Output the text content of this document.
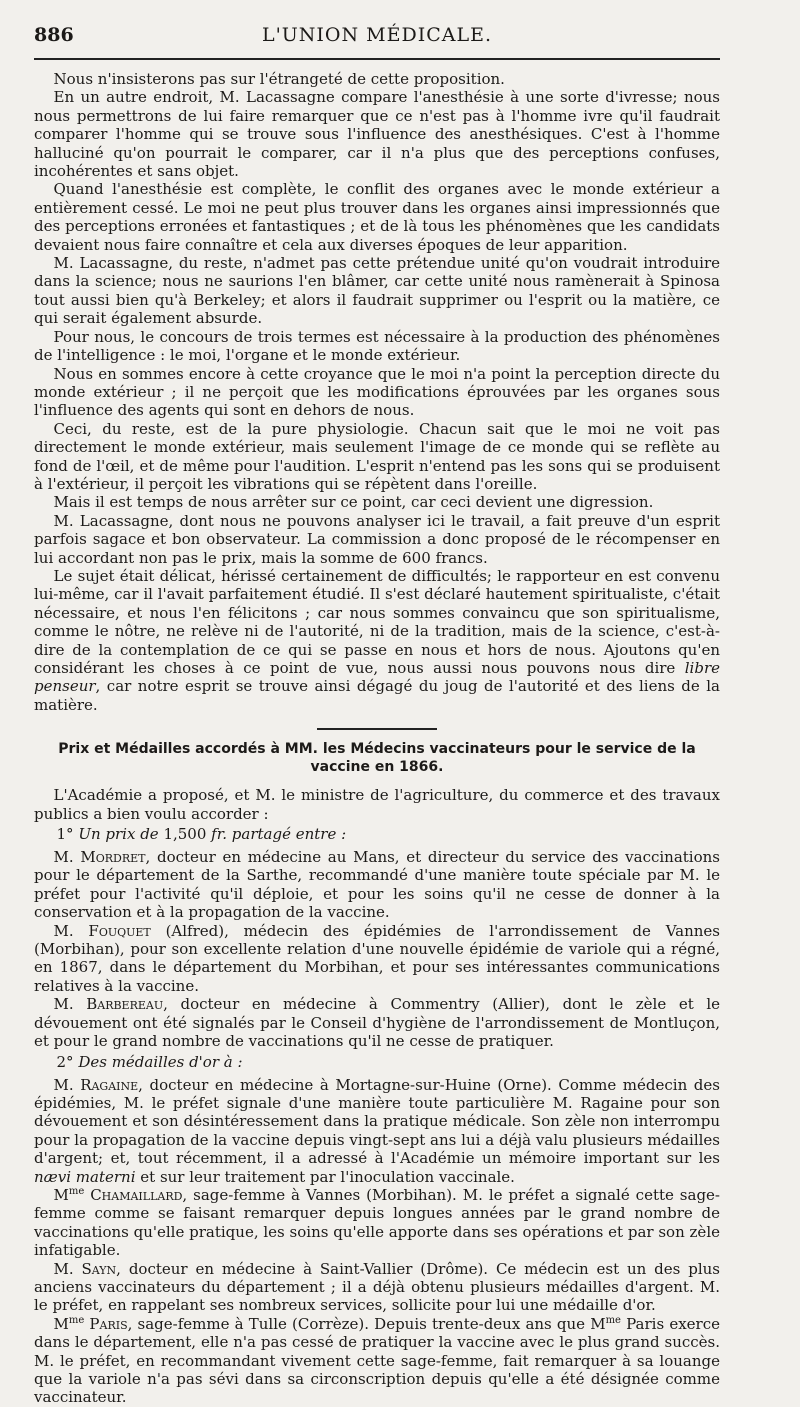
886	L'UNION MÉDICALE.

Nous n'insisterons pas sur l'étrangeté de cette proposition.

En un autre endroit, M. Lacassagne compare l'anesthésie à une sorte d'ivresse; nous nous permettrons de lui faire remarquer que ce n'est pas à l'homme ivre qu'il faudrait comparer l'homme qui se trouve sous l'influence des anesthésiques. C'est à l'homme halluciné qu'on pourrait le comparer, car il n'a plus que des perceptions confuses, incohérentes et sans objet.

Quand l'anesthésie est complète, le conflit des organes avec le monde extérieur a entièrement cessé. Le moi ne peut plus trouver dans les organes ainsi impressionnés que des perceptions erronées et fantastiques ; et de là tous les phénomènes que les candidats devaient nous faire connaître et cela aux diverses époques de leur apparition.

M. Lacassagne, du reste, n'admet pas cette prétendue unité qu'on voudrait introduire dans la science; nous ne saurions l'en blâmer, car cette unité nous ramènerait à Spinosa tout aussi bien qu'à Berkeley; et alors il faudrait supprimer ou l'esprit ou la matière, ce qui serait également absurde.

Pour nous, le concours de trois termes est nécessaire à la production des phénomènes de l'intelligence : le moi, l'organe et le monde extérieur.

Nous en sommes encore à cette croyance que le moi n'a point la perception directe du monde extérieur ; il ne perçoit que les modifications éprouvées par les organes sous l'influence des agents qui sont en dehors de nous.

Ceci, du reste, est de la pure physiologie. Chacun sait que le moi ne voit pas directement le monde extérieur, mais seulement l'image de ce monde qui se reflète au fond de l'œil, et de même pour l'audition. L'esprit n'entend pas les sons qui se produisent à l'extérieur, il perçoit les vibrations qui se répètent dans l'oreille.

Mais il est temps de nous arrêter sur ce point, car ceci devient une digression.

M. Lacassagne, dont nous ne pouvons analyser ici le travail, a fait preuve d'un esprit parfois sagace et bon observateur. La commission a donc proposé de le récompenser en lui accordant non pas le prix, mais la somme de 600 francs.

Le sujet était délicat, hérissé certainement de difficultés; le rapporteur en est convenu lui-même, car il l'avait parfaitement étudié. Il s'est déclaré hautement spiritualiste, c'était nécessaire, et nous l'en félicitons ; car nous sommes convaincu que son spiritualisme, comme le nôtre, ne relève ni de l'autorité, ni de la tradition, mais de la science, c'est-à-dire de la contemplation de ce qui se passe en nous et hors de nous. Ajoutons qu'en considérant les choses à ce point de vue, nous aussi nous pouvons nous dire libre penseur, car notre esprit se trouve ainsi dégagé du joug de l'autorité et des liens de la matière.

Prix et Médailles accordés à MM. les Médecins vaccinateurs pour le service de la vaccine en 1866.

L'Académie a proposé, et M. le ministre de l'agriculture, du commerce et des travaux publics a bien voulu accorder :

1° Un prix de 1,500 fr. partagé entre :

M. Mordret, docteur en médecine au Mans, et directeur du service des vaccinations pour le département de la Sarthe, recommandé d'une manière toute spéciale par M. le préfet pour l'activité qu'il déploie, et pour les soins qu'il ne cesse de donner à la conservation et à la propagation de la vaccine.

M. Fouquet (Alfred), médecin des épidémies de l'arrondissement de Vannes (Morbihan), pour son excellente relation d'une nouvelle épidémie de variole qui a régné, en 1867, dans le département du Morbihan, et pour ses intéressantes communications relatives à la vaccine.

M. Barbereau, docteur en médecine à Commentry (Allier), dont le zèle et le dévouement ont été signalés par le Conseil d'hygiène de l'arrondissement de Montluçon, et pour le grand nombre de vaccinations qu'il ne cesse de pratiquer.

2° Des médailles d'or à :

M. Ragaine, docteur en médecine à Mortagne-sur-Huine (Orne). Comme médecin des épidémies, M. le préfet signale d'une manière toute particulière M. Ragaine pour son dévouement et son désintéressement dans la pratique médicale. Son zèle non interrompu pour la propagation de la vaccine depuis vingt-sept ans lui a déjà valu plusieurs médailles d'argent; et, tout récemment, il a adressé à l'Académie un mémoire important sur les nævi materni et sur leur traitement par l'inoculation vaccinale.

$M^{me}$ Chamaillard, sage-femme à Vannes (Morbihan). M. le préfet a signalé cette sage-femme comme se faisant remarquer depuis longues années par le grand nombre de vaccinations qu'elle pratique, les soins qu'elle apporte dans ses opérations et par son zèle infatigable.

M. Sayn, docteur en médecine à Saint-Vallier (Drôme). Ce médecin est un des plus anciens vaccinateurs du département ; il a déjà obtenu plusieurs médailles d'argent. M. le préfet, en rappelant ses nombreux services, sollicite pour lui une médaille d'or.

$M^{me}$ Paris, sage-femme à Tulle (Corrèze). Depuis trente-deux ans que $M^{me}$ Paris exerce dans le département, elle n'a pas cessé de pratiquer la vaccine avec le plus grand succès. M. le préfet, en recommandant vivement cette sage-femme, fait remarquer à sa louange que la variole n'a pas sévi dans sa circonscription depuis qu'elle a été désignée comme vaccinateur.
